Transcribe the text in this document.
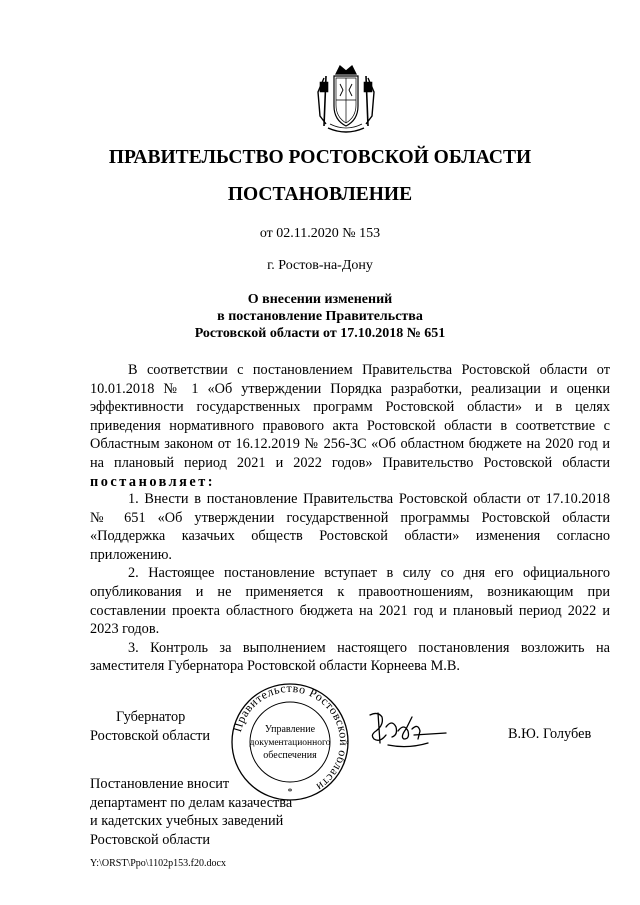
ПРАВИТЕЛЬСТВО РОСТОВСКОЙ ОБЛАСТИ
ПОСТАНОВЛЕНИЕ
от 02.11.2020 № 153
г. Ростов-на-Дону
О внесении изменений
в постановление Правительства
Ростовской области от 17.10.2018 № 651

В соответствии с постановлением Правительства Ростовской области от 10.01.2018 № 1 «Об утверждении Порядка разработки, реализации и оценки эффективности государственных программ Ростовской области» и в целях приведения нормативного правового акта Ростовской области в соответствие с Областным законом от 16.12.2019 № 256-ЗС «Об областном бюджете на 2020 год и на плановый период 2021 и 2022 годов» Правительство Ростовской области постановляет:

1. Внести в постановление Правительства Ростовской области от 17.10.2018 № 651 «Об утверждении государственной программы Ростовской области «Поддержка казачьих обществ Ростовской области» изменения согласно приложению.

2. Настоящее постановление вступает в силу со дня его официального опубликования и не применяется к правоотношениям, возникающим при составлении проекта областного бюджета на 2021 год и плановый период 2022 и 2023 годов.

3. Контроль за выполнением настоящего постановления возложить на заместителя Губернатора Ростовской области Корнеева М.В.

Губернатор
Ростовской области
Правительство Ростовской области
Управление
документационного
обеспечения
*
В.Ю. Голубев
Постановление вносит
департамент по делам казачества
и кадетских учебных заведений
Ростовской области
Y:\ORST\Ppo\1102p153.f20.docx
